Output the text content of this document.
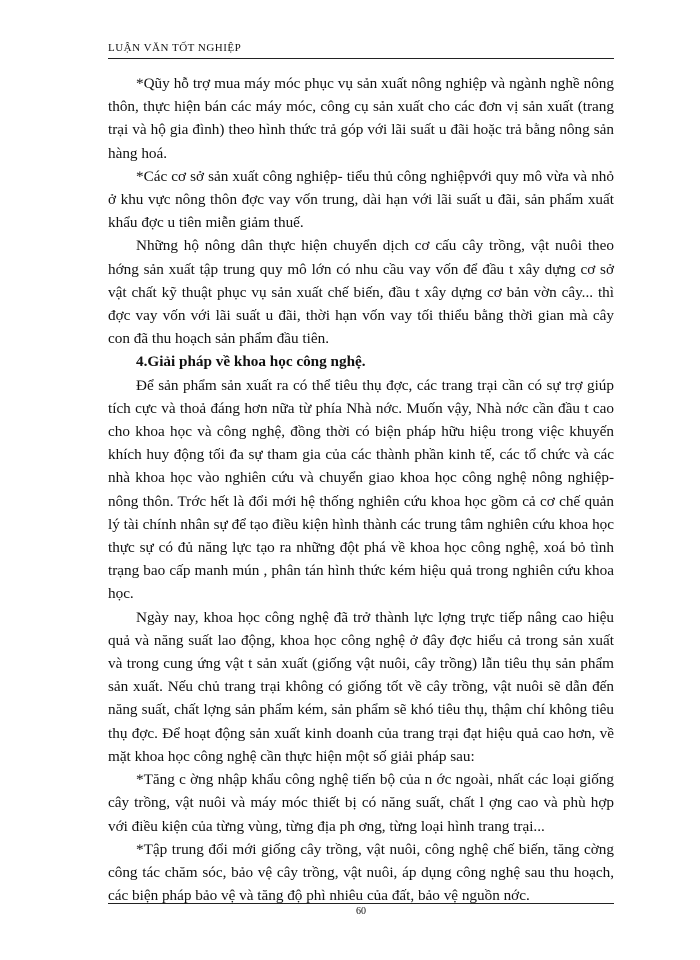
LUẬN VĂN TỐT NGHIỆP

*Qũy hỗ trợ mua máy móc phục vụ sản xuất nông nghiệp và ngành nghề nông thôn, thực hiện bán các máy móc, công cụ sản xuất cho các đơn vị sản xuất (trang trại và hộ gia đình) theo hình thức trả góp với lãi suất u đãi hoặc trả bằng nông sản hàng hoá.

*Các cơ sở sản xuất công nghiệp- tiểu thủ công nghiệpvới quy mô vừa và nhỏ ở khu vực nông thôn đợc vay vốn trung, dài hạn với lãi suất u đãi, sản phẩm xuất khẩu đợc u tiên miễn giảm thuế.

Những hộ nông dân thực hiện chuyển dịch cơ cấu cây trồng, vật nuôi theo hớng sản xuất tập trung quy mô lớn có nhu cầu vay vốn để đầu t xây dựng cơ sở vật chất kỹ thuật phục vụ sản xuất chế biến, đầu t xây dựng cơ bản vờn cây... thì đợc vay vốn với lãi suất u đãi, thời hạn vốn vay tối thiểu bằng thời gian mà cây con đã thu hoạch sản phẩm đầu tiên.

4.Giải pháp về khoa học công nghệ.

Để sản phẩm sản xuất ra có thể tiêu thụ đợc, các trang trại cần có sự trợ giúp tích cực và thoả đáng hơn nữa từ phía Nhà nớc. Muốn vậy, Nhà nớc cần đầu t cao cho khoa học và công nghệ, đồng thời có biện pháp hữu hiệu trong việc khuyến khích huy động tối đa sự tham gia của các thành phần kinh tế, các tổ chức và các nhà khoa học vào nghiên cứu và chuyển giao khoa học công nghệ nông nghiệp- nông thôn. Trớc hết là đổi mới hệ thống nghiên cứu khoa học gồm cả cơ chế quản lý tài chính nhân sự để tạo điều kiện hình thành các trung tâm nghiên cứu khoa học thực sự có đủ năng lực tạo ra những đột phá về khoa học công nghệ, xoá bỏ tình trạng bao cấp manh mún , phân tán hình thức kém hiệu quả trong nghiên cứu khoa học.

Ngày nay, khoa học công nghệ đã trở thành lực lợng trực tiếp nâng cao hiệu quả và năng suất lao động, khoa học công nghệ ở đây đợc hiểu cả trong sản xuất và trong cung ứng vật t sản xuất (giống vật nuôi, cây trồng) lẫn tiêu thụ sản phẩm sản xuất. Nếu chủ trang trại không có giống tốt về cây trồng, vật nuôi sẽ dẫn đến năng suất, chất lợng sản phẩm kém, sản phẩm sẽ khó tiêu thụ, thậm chí không tiêu thụ đợc. Để hoạt động sản xuất kinh doanh của trang trại đạt hiệu quả cao hơn, về mặt khoa học công nghệ cần thực hiện một số giải pháp sau:

*Tăng c ờng nhập khẩu công nghệ tiến bộ của n ớc ngoài, nhất các loại giống cây trồng, vật nuôi và máy móc thiết bị có năng suất, chất l ợng cao và phù hợp với điều kiện của từng vùng, từng địa ph ơng, từng loại hình trang trại...

*Tập trung đổi mới giống cây trồng, vật nuôi, công nghệ chế biến, tăng cờng công tác chăm sóc, bảo vệ cây trồng, vật nuôi, áp dụng công nghệ sau thu hoạch, các biện pháp bảo vệ và tăng độ phì nhiêu của đất, bảo vệ nguồn nớc.

60
